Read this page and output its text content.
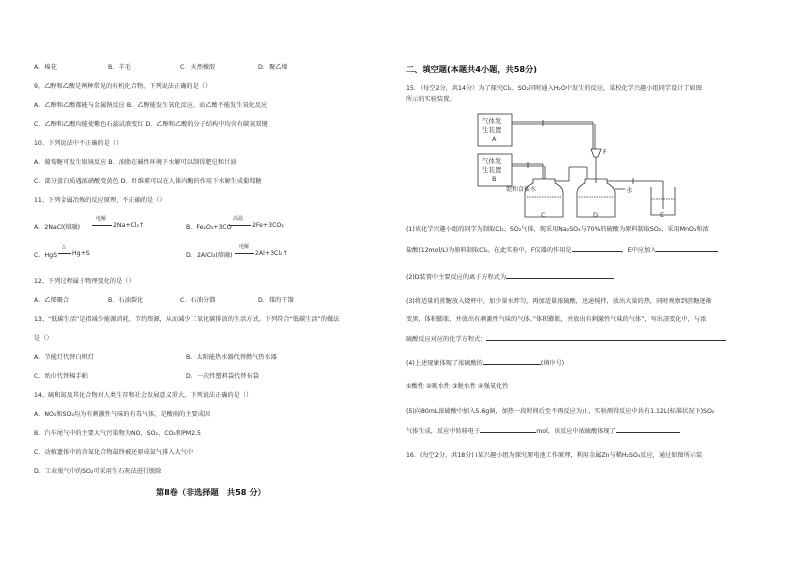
A．棉花	B．羊毛	C．天然橡胶	D．聚乙烯
9、乙醇和乙酸是两种常见的有机化合物，下列说法正确的是（）
A．乙醇和乙酸都能与金属钠反应 B．乙醇能发生氧化反应，而乙酸不能发生氧化反应
C．乙醇和乙酸均能使紫色石蕊试液变红 D．乙醇和乙酸的分子结构中均含有碳氧双键
10、下列说法中不正确的是（）
A．葡萄糖可发生银镜反应 B．油脂在碱性环境下水解可以制得肥皂和甘油
C．部分蛋白质遇浓硝酸变黄色 D．纤维素可以在人体内酶的作用下水解生成葡萄糖
11、下列金属冶炼的反应原理，不正确的是（）
A．2NaCl(熔融)
电解
2Na+Cl₂↑	B．Fe₂O₃+3CO
高温
2Fe+3CO₂
C．HgS
△
Hg+S	D．2AlCl₃(熔融)
电解
2Al+3Cl₂↑
12、下列过程属于物理变化的是（）
A．乙烯聚合	B．石油裂化	C．石油分馏	D．煤的干馏
13、“低碳生活”是指减少能源消耗、节约资源，从而减少二氧化碳排放的生活方式。下列符合“低碳生活”的做法
是（）
A．节能灯代替白炽灯	B．太阳能热水器代替燃气热水器
C．纸巾代替棉手帕	D．一次性塑料袋代替布袋
14、硫和氮及其化合物对人类生存和社会发展意义重大，下列说法正确的是（）
A．NO₂和SO₂均为有刺激性气味的有毒气体，是酸雨的主要成因
B．汽车尾气中的主要大气污染物为NO、SO₂、CO₂和PM2.5
C．动植遗体中的含氮化合物最终被还原成氨气排入大气中
D．工业废气中的SO₂可采用生石灰法进行脱除
第Ⅱ卷（非选择题　共58 分）
二、填空题(本题共4小题，共58分)
15．（每空2分，共14分）为了探究Cl₂、SO₂同时通入H₂O中发生的反应，某校化学兴趣小组同学设计了如图
所示的实验装置。
气体发
生装置
A
气体发
生装置
B
F
水
饱和食盐水
C	D	E
(1)该化学兴趣小组的同学为制取Cl₂、SO₂气体，现采用Na₂SO₃与70%的硫酸为原料制取SO₂，采用MnO₂和浓
盐酸(12mol/L)为原料制取Cl₂。在此实验中，F仪器的作用是	，E中应加入
(2)D装置中主要反应的离子方程式为
(3)将适量的蔗糖放入烧杯中，加少量水拌匀，再加适量浓硫酸，迅速搅拌，放出大量的热，同时观察到蔗糖逐渐
变黑，体积膨胀，并放出有刺激性气味的气体。”体积膨胀，并放出有刺激性气味的气体”，写出該变化中，与浓
硫酸反应对应的化学方程式：
(4)上述现象体现了浓硫酸的	(填序号)
①酸性 ②吸水性 ③脱水性 ④强氧化性
(5)向80mL浓硫酸中加入5.6g铜，加热一段时间后至不再反应为止，实验测得反应中共有1.12L(标准状况下)SO₂
气体生成，反应中转移电子	mol，该反应中浓硫酸体现了
16．(每空2分，共18分) Ⅰ某兴趣小组为探究原电池工作原理，利用金属Zn与稀H₂SO₄反应，通过如图所示装
